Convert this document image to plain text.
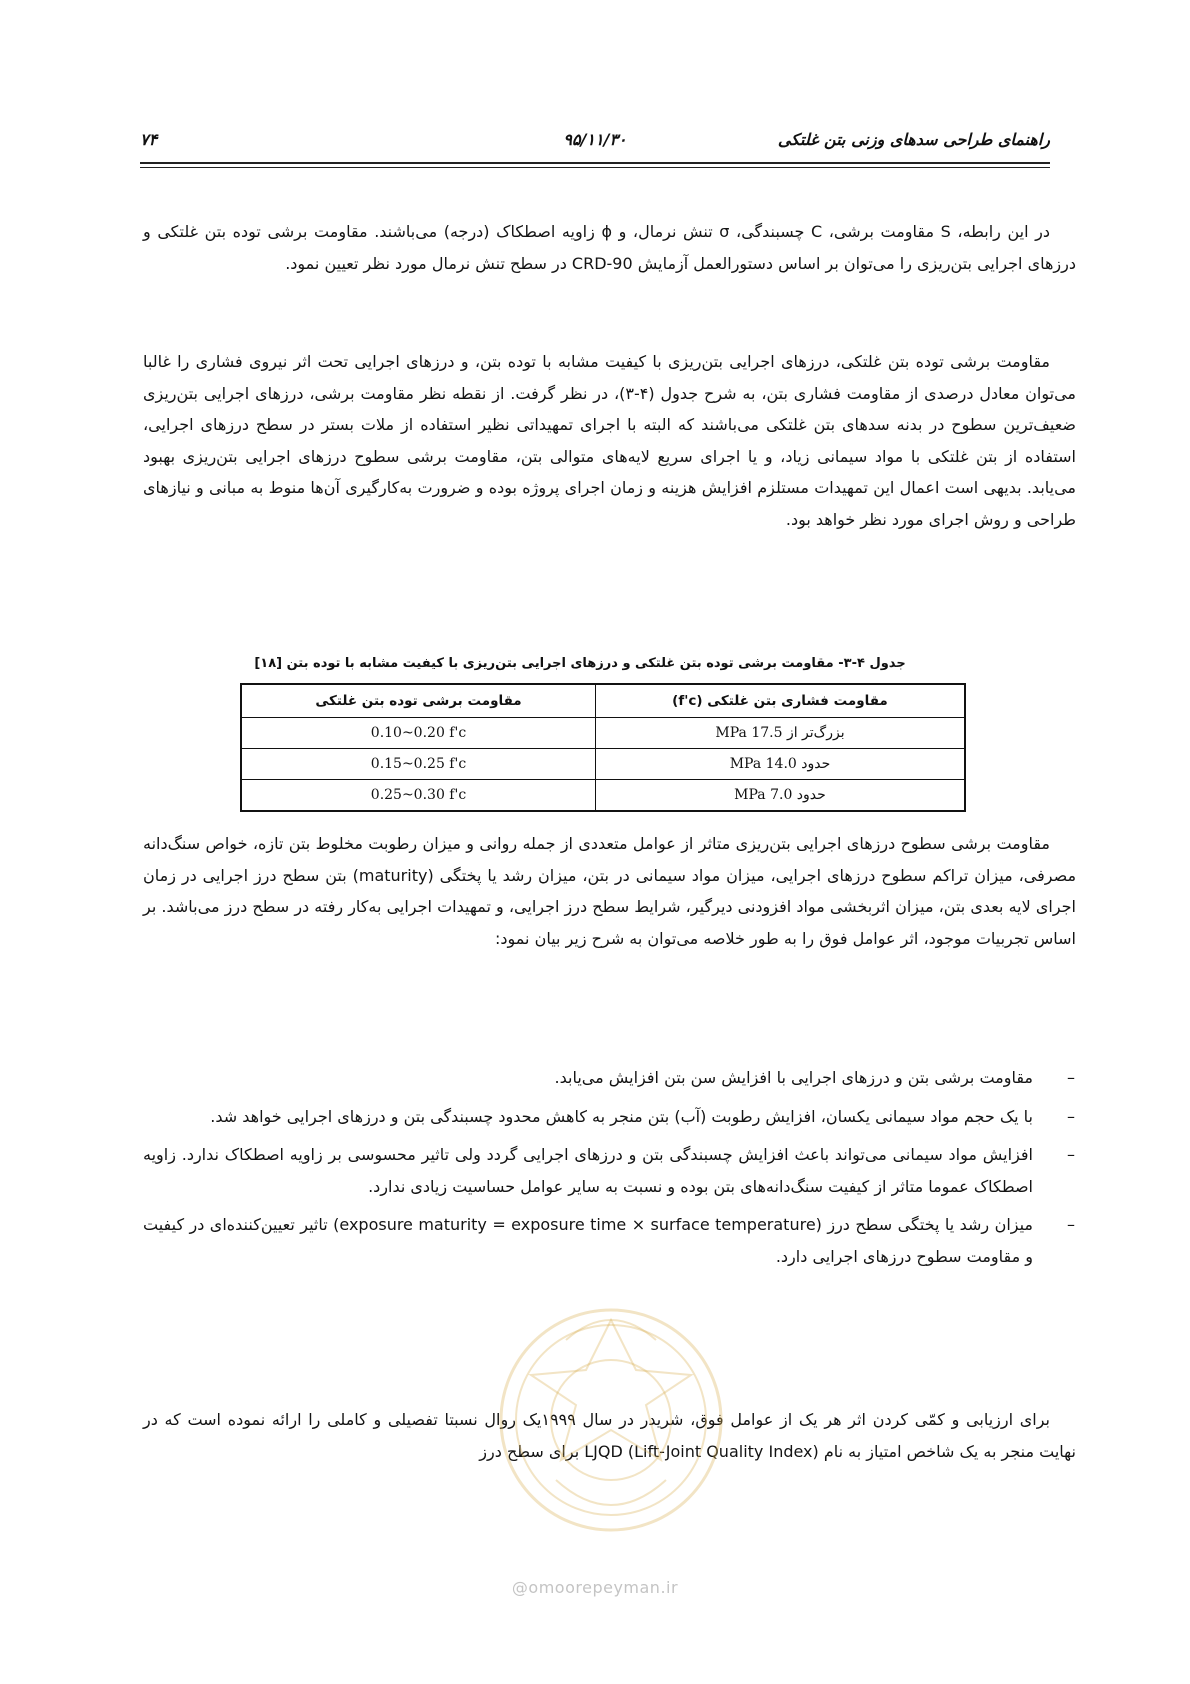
۷۴	۹۵/۱۱/۳۰	راهنمای طراحی سدهای وزنی بتن غلتکی

در این رابطه، S مقاومت برشی، C چسبندگی، σ تنش نرمال، و ϕ زاویه اصطکاک (درجه) می‌باشند. مقاومت برشی توده بتن غلتکی و درزهای اجرایی بتن‌ریزی را می‌توان بر اساس دستورالعمل آزمایش CRD-90 در سطح تنش نرمال مورد نظر تعیین نمود.

مقاومت برشی توده بتن غلتکی، درزهای اجرایی بتن‌ریزی با کیفیت مشابه با توده بتن، و درزهای اجرایی تحت اثر نیروی فشاری را غالبا می‌توان معادل درصدی از مقاومت فشاری بتن، به شرح جدول (۴-۳)، در نظر گرفت. از نقطه نظر مقاومت برشی، درزهای اجرایی بتن‌ریزی ضعیف‌ترین سطوح در بدنه سدهای بتن غلتکی می‌باشند که البته با اجرای تمهیداتی نظیر استفاده از ملات بستر در سطح درزهای اجرایی، استفاده از بتن غلتکی با مواد سیمانی زیاد، و یا اجرای سریع لایه‌های متوالی بتن، مقاومت برشی سطوح درزهای اجرایی بتن‌ریزی بهبود می‌یابد. بدیهی است اعمال این تمهیدات مستلزم افزایش هزینه و زمان اجرای پروژه بوده و ضرورت به‌کارگیری آن‌ها منوط به مبانی و نیازهای طراحی و روش اجرای مورد نظر خواهد بود.

جدول ۴-۳- مقاومت برشی توده بتن غلتکی و درزهای اجرایی بتن‌ریزی با کیفیت مشابه با توده بتن [۱۸]
مقاومت فشاری بتن غلتکی (f'c)	مقاومت برشی توده بتن غلتکی
بزرگ‌تر از 17.5 MPa	0.10~0.20 f'c
حدود 14.0 MPa	0.15~0.25 f'c
حدود 7.0 MPa	0.25~0.30 f'c

مقاومت برشی سطوح درزهای اجرایی بتن‌ریزی متاثر از عوامل متعددی از جمله روانی و میزان رطوبت مخلوط بتن تازه، خواص سنگ‌دانه مصرفی، میزان تراکم سطوح درزهای اجرایی، میزان مواد سیمانی در بتن، میزان رشد یا پختگی (maturity) بتن سطح درز اجرایی در زمان اجرای لایه بعدی بتن، میزان اثربخشی مواد افزودنی دیرگیر، شرایط سطح درز اجرایی، و تمهیدات اجرایی به‌کار رفته در سطح درز می‌باشد. بر اساس تجربیات موجود، اثر عوامل فوق را به طور خلاصه می‌توان به شرح زیر بیان نمود:

–
مقاومت برشی بتن و درزهای اجرایی با افزایش سن بتن افزایش می‌یابد.
–
با یک حجم مواد سیمانی یکسان، افزایش رطوبت (آب) بتن منجر به کاهش محدود چسبندگی بتن و درزهای اجرایی خواهد شد.
–
افزایش مواد سیمانی می‌تواند باعث افزایش چسبندگی بتن و درزهای اجرایی گردد ولی تاثیر محسوسی بر زاویه اصطکاک ندارد. زاویه اصطکاک عموما متاثر از کیفیت سنگ‌دانه‌های بتن بوده و نسبت به سایر عوامل حساسیت زیادی ندارد.
–
میزان رشد یا پختگی سطح درز (exposure maturity = exposure time × surface temperature) تاثیر تعیین‌کننده‌ای در کیفیت و مقاومت سطوح درزهای اجرایی دارد.

برای ارزیابی و کمّی کردن اثر هر یک از عوامل فوق، شریدر در سال ۱۹۹۹یک روال نسبتا تفصیلی و کاملی را ارائه نموده است که در نهایت منجر به یک شاخص امتیاز به نام LJQD (Lift-Joint Quality Index) برای سطح درز

@omoorepeyman.ir
